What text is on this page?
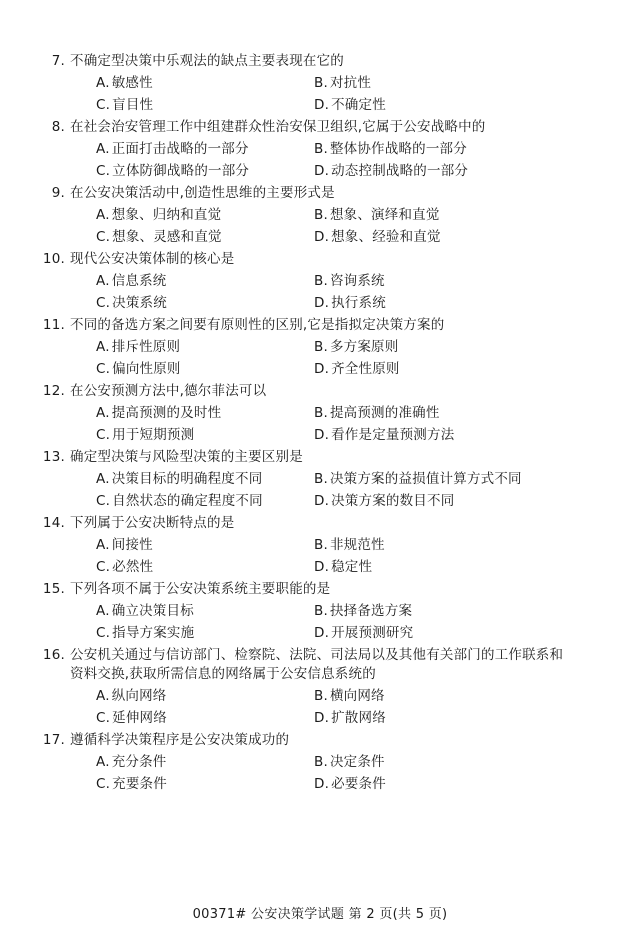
7. 不确定型决策中乐观法的缺点主要表现在它的
A. 敏感性	B. 对抗性
C. 盲目性	D. 不确定性
8. 在社会治安管理工作中组建群众性治安保卫组织,它属于公安战略中的
A. 正面打击战略的一部分	B. 整体协作战略的一部分
C. 立体防御战略的一部分	D. 动态控制战略的一部分
9. 在公安决策活动中,创造性思维的主要形式是
A. 想象、归纳和直觉	B. 想象、演绎和直觉
C. 想象、灵感和直觉	D. 想象、经验和直觉
10. 现代公安决策体制的核心是
A. 信息系统	B. 咨询系统
C. 决策系统	D. 执行系统
11. 不同的备选方案之间要有原则性的区别,它是指拟定决策方案的
A. 排斥性原则	B. 多方案原则
C. 偏向性原则	D. 齐全性原则
12. 在公安预测方法中,德尔菲法可以
A. 提高预测的及时性	B. 提高预测的准确性
C. 用于短期预测	D. 看作是定量预测方法
13. 确定型决策与风险型决策的主要区别是
A. 决策目标的明确程度不同	B. 决策方案的益损值计算方式不同
C. 自然状态的确定程度不同	D. 决策方案的数目不同
14. 下列属于公安决断特点的是
A. 间接性	B. 非规范性
C. 必然性	D. 稳定性
15. 下列各项不属于公安决策系统主要职能的是
A. 确立决策目标	B. 抉择备选方案
C. 指导方案实施	D. 开展预测研究
16. 公安机关通过与信访部门、检察院、法院、司法局以及其他有关部门的工作联系和
资料交换,获取所需信息的网络属于公安信息系统的
A. 纵向网络	B. 横向网络
C. 延伸网络	D. 扩散网络
17. 遵循科学决策程序是公安决策成功的
A. 充分条件	B. 决定条件
C. 充要条件	D. 必要条件
00371# 公安决策学试题 第 2 页(共 5 页)
